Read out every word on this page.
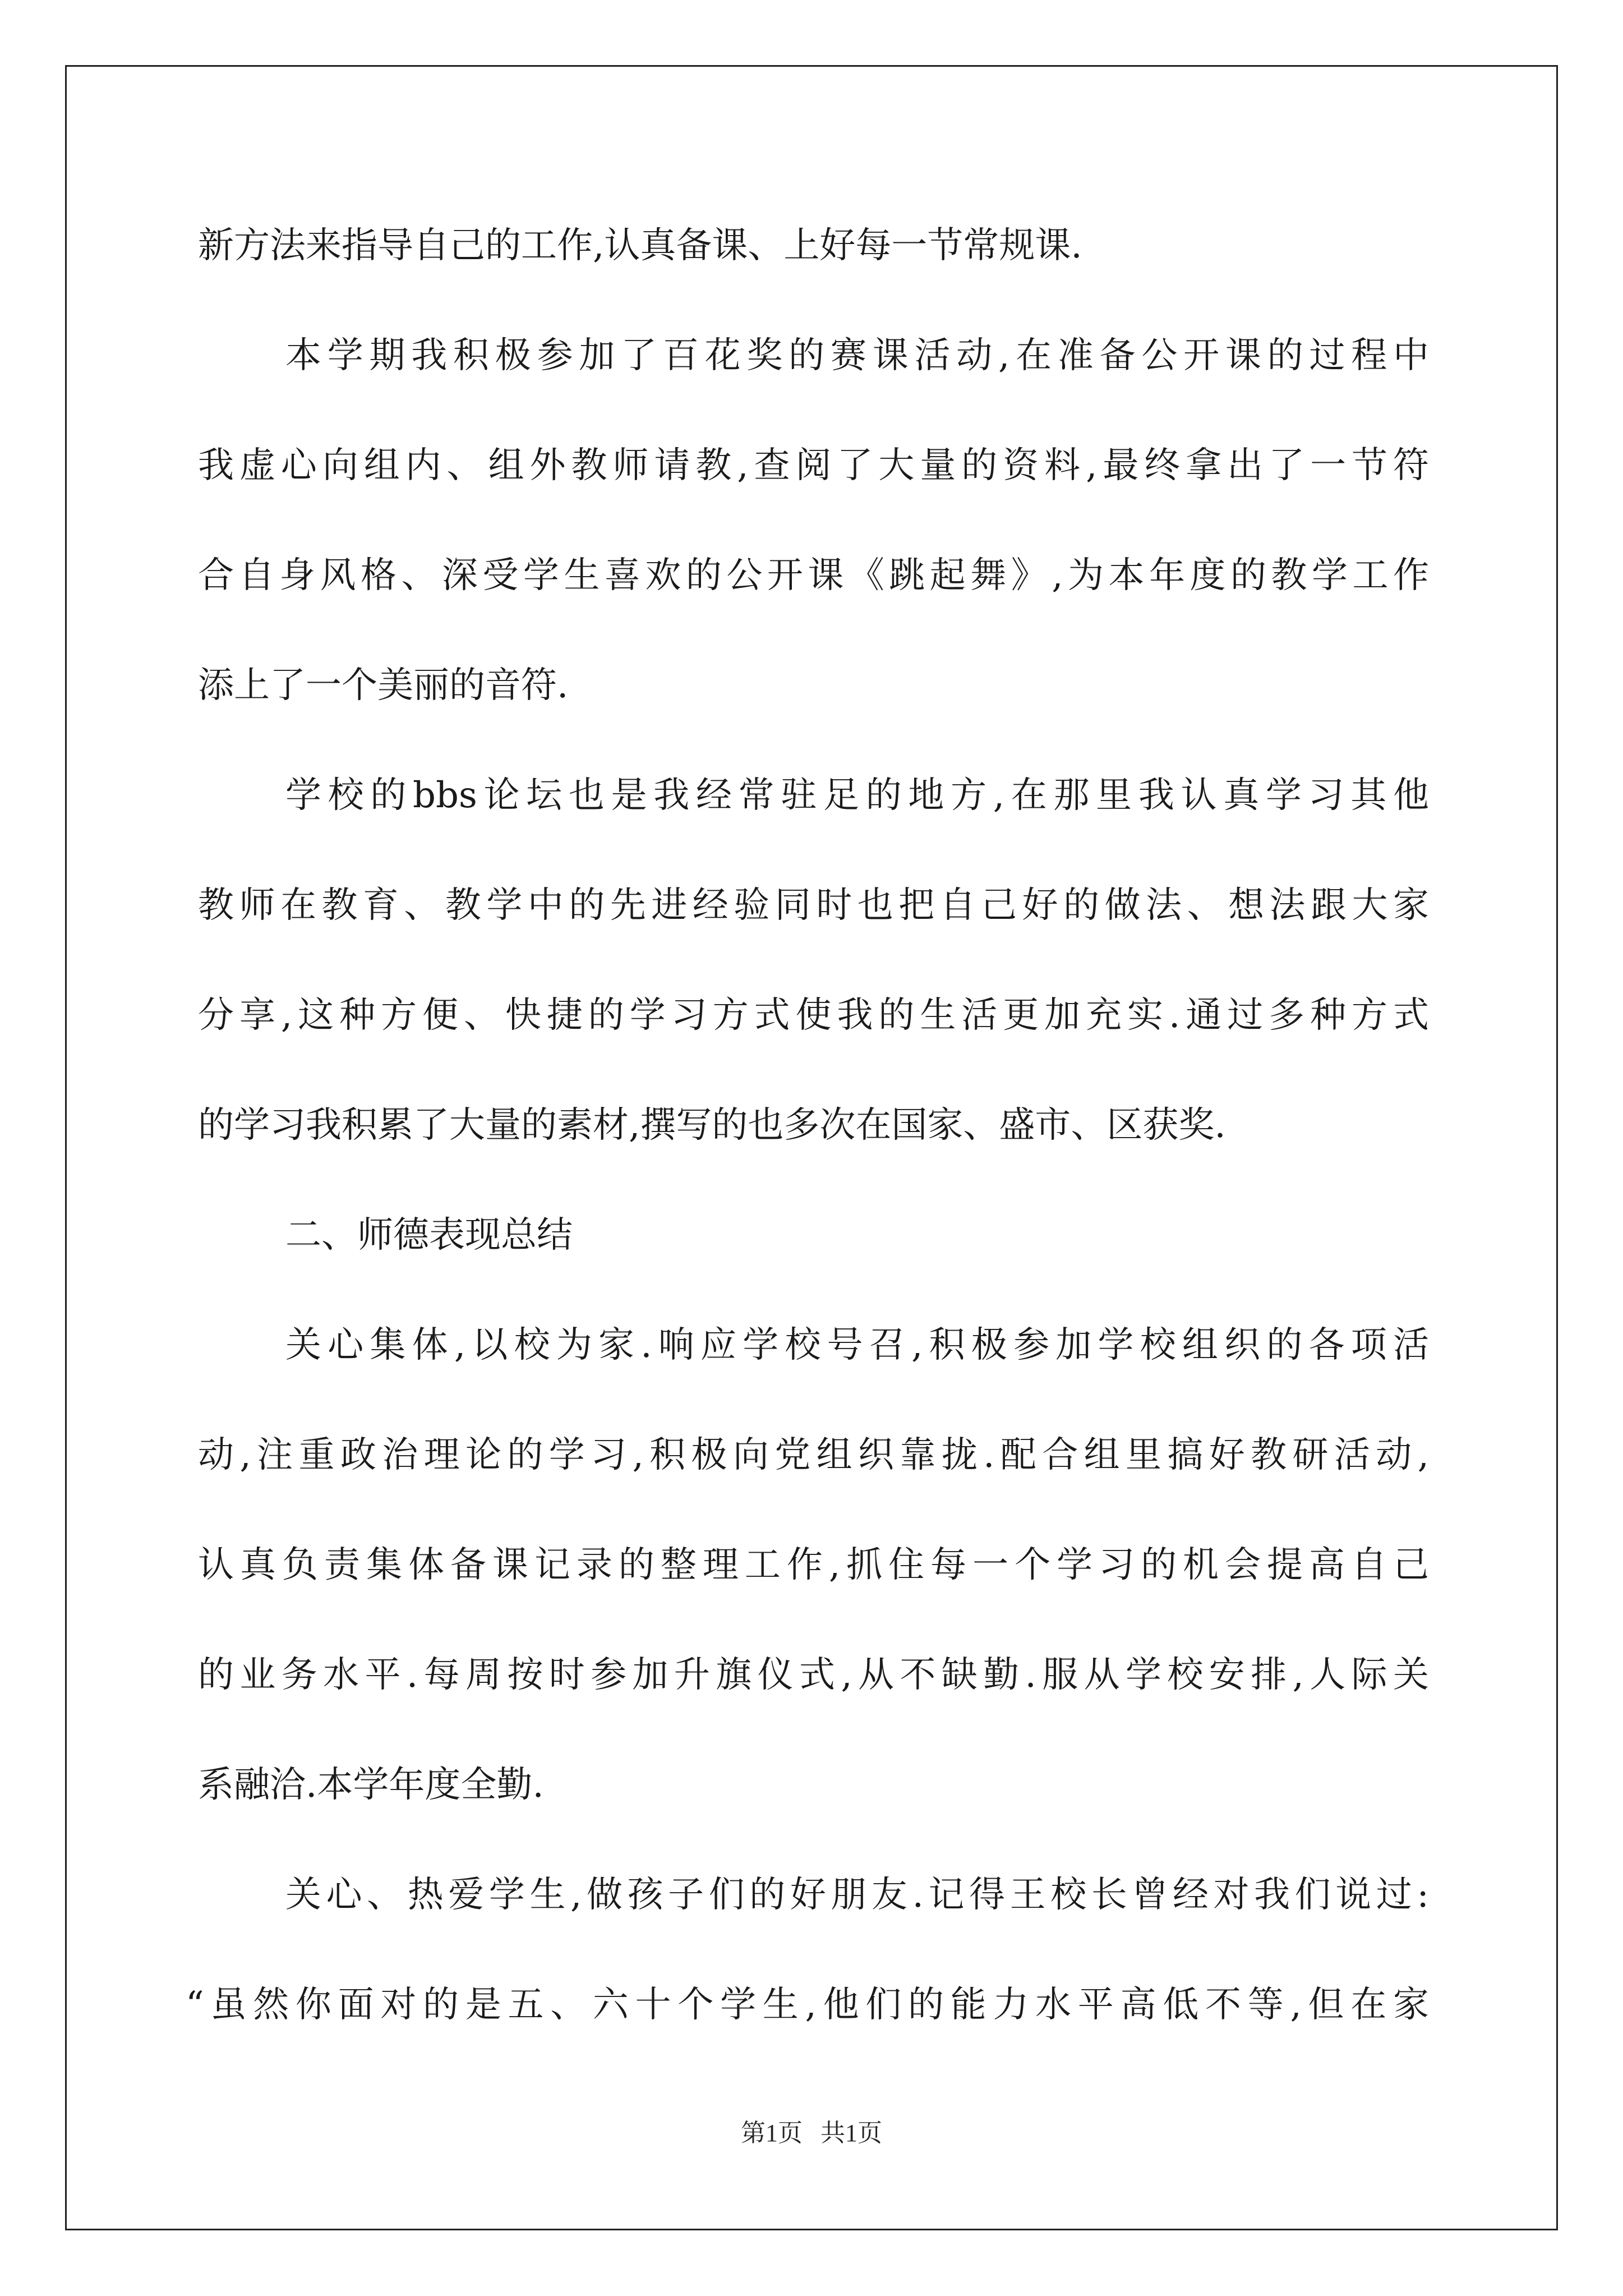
新方法来指导自己的工作,认真备课、上好每一节常规课.
本学期我积极参加了百花奖的赛课活动,在准备公开课的过程中
我虚心向组内、组外教师请教,查阅了大量的资料,最终拿出了一节符
合自身风格、深受学生喜欢的公开课《跳起舞》,为本年度的教学工作
添上了一个美丽的音符.
学校的bbs论坛也是我经常驻足的地方,在那里我认真学习其他
教师在教育、教学中的先进经验同时也把自己好的做法、想法跟大家
分享,这种方便、快捷的学习方式使我的生活更加充实.通过多种方式
的学习我积累了大量的素材,撰写的也多次在国家、盛市、区获奖.
二、师德表现总结
关心集体,以校为家.响应学校号召,积极参加学校组织的各项活
动,注重政治理论的学习,积极向党组织靠拢.配合组里搞好教研活动,
认真负责集体备课记录的整理工作,抓住每一个学习的机会提高自己
的业务水平.每周按时参加升旗仪式,从不缺勤.服从学校安排,人际关
系融洽.本学年度全勤.
关心、热爱学生,做孩子们的好朋友.记得王校长曾经对我们说过:
“虽然你面对的是五、六十个学生,他们的能力水平高低不等,但在家
第1页 共1页
